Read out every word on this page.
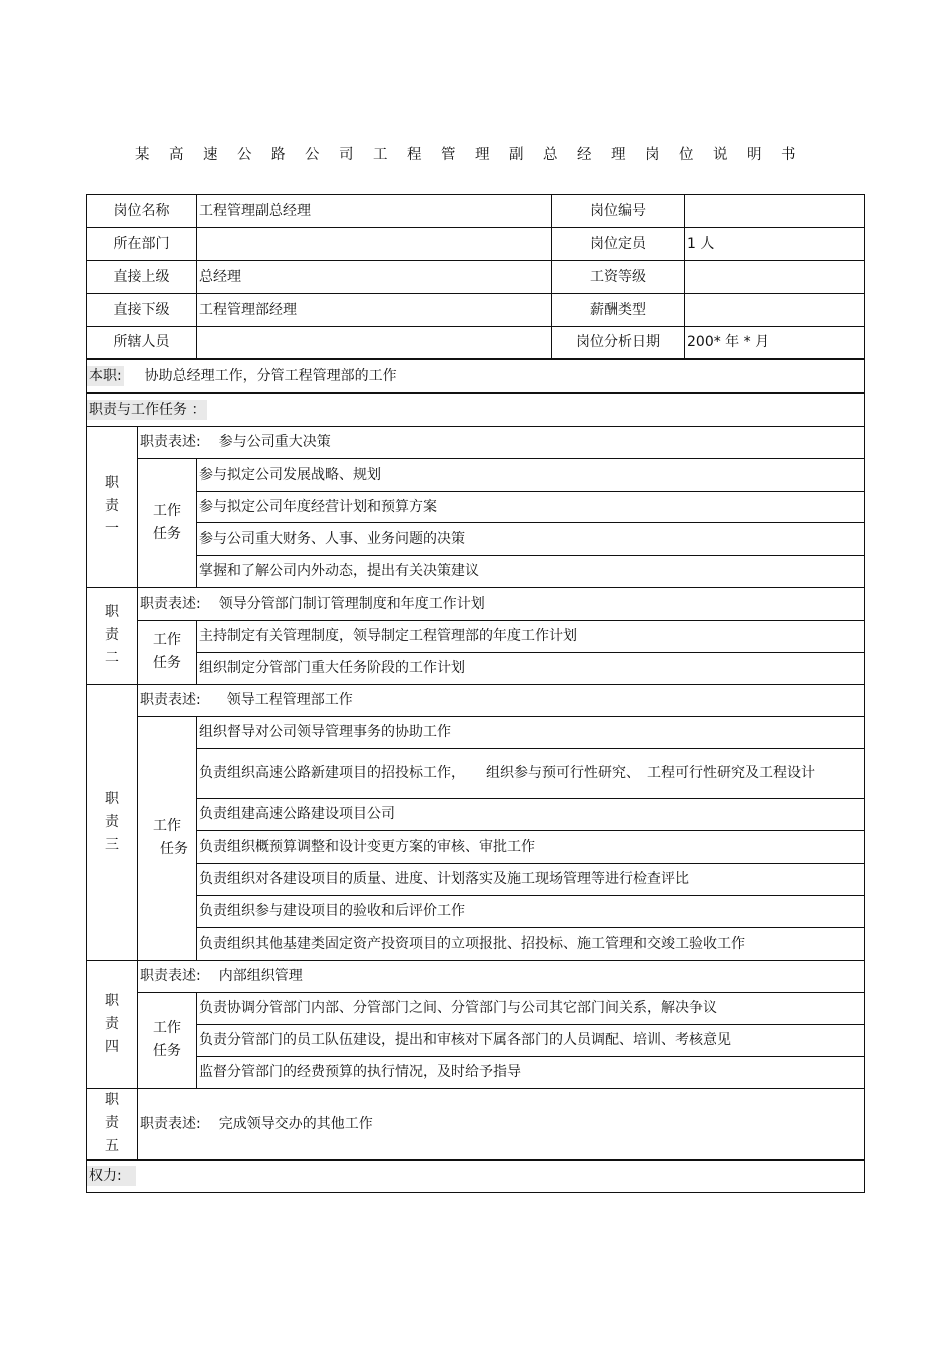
某高速公路公司工程管理副总经理岗位说明书
岗位名称		工程管理副总经理	岗位编号	
所在部门			岗位定员	1 人
直接上级		总经理	工资等级	
直接下级		工程管理部经理	薪酬类型	
所辖人员			岗位分析日期	200* 年 * 月
本职: 协助总经理工作，分管工程管理部的工作				
职责与工作任务 ：				

职
责
一	职责表述: 参与公司重大决策			

	工作
任务	参与拟定公司发展战略、规划		
		参与拟定公司年度经营计划和预算方案		
		参与公司重大财务、人事、业务问题的决策		
		掌握和了解公司内外动态，提出有关决策建议		

职
责
二	职责表述: 领导分管部门制订管理制度和年度工作计划			

	工作
任务	主持制定有关管理制度，领导制定工程管理部的年度工作计划		
		组织制定分管部门重大任务阶段的工作计划		

职
责
三	职责表述: 领导工程管理部工作			

	工作
任务	组织督导对公司领导管理事务的协助工作		
		负责组织高速公路新建项目的招投标工作，　　组织参与预可行性研究、　工程可行性研究及工程设计		
		负责组建高速公路建设项目公司		
		负责组织概预算调整和设计变更方案的审核、审批工作		
		负责组织对各建设项目的质量、进度、计划落实及施工现场管理等进行检查评比		
		负责组织参与建设项目的验收和后评价工作		
		负责组织其他基建类固定资产投资项目的立项报批、招投标、施工管理和交竣工验收工作		

职
责
四	职责表述: 内部组织管理			

	工作
任务	负责协调分管部门内部、分管部门之间、分管部门与公司其它部门间关系，解决争议		
		负责分管部门的员工队伍建设，提出和审核对下属各部门的人员调配、培训、考核意见		
		监督分管部门的经费预算的执行情况，及时给予指导		

职
责
五	职责表述: 完成领导交办的其他工作			
权力:				
